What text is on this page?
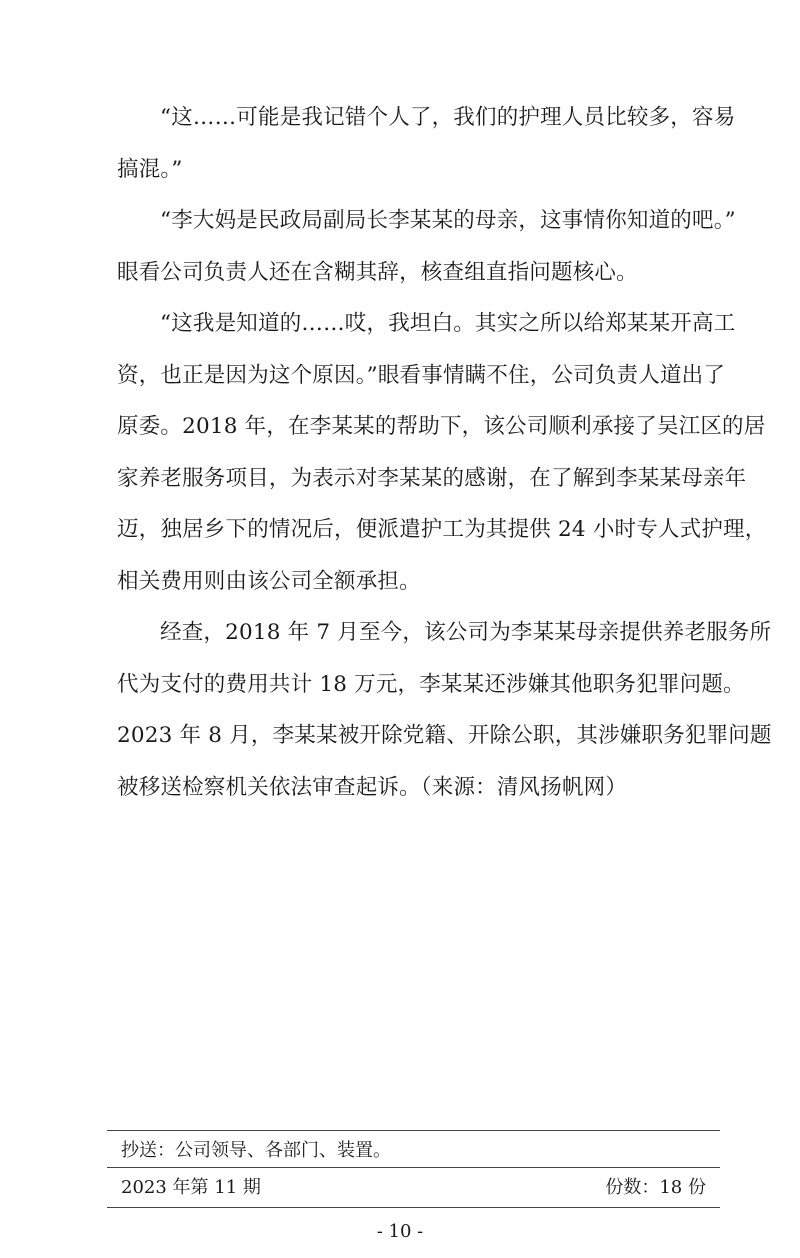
“这……可能是我记错个人了，我们的护理人员比较多，容易
搞混。”
“李大妈是民政局副局长李某某的母亲，这事情你知道的吧。”
眼看公司负责人还在含糊其辞，核查组直指问题核心。
“这我是知道的……哎，我坦白。其实之所以给郑某某开高工
资，也正是因为这个原因。”眼看事情瞒不住，公司负责人道出了
原委。2018 年，在李某某的帮助下，该公司顺利承接了吴江区的居
家养老服务项目，为表示对李某某的感谢，在了解到李某某母亲年
迈，独居乡下的情况后，便派遣护工为其提供 24 小时专人式护理，
相关费用则由该公司全额承担。
经查，2018 年 7 月至今，该公司为李某某母亲提供养老服务所
代为支付的费用共计 18 万元，李某某还涉嫌其他职务犯罪问题。
2023 年 8 月，李某某被开除党籍、开除公职，其涉嫌职务犯罪问题
被移送检察机关依法审查起诉。（来源：清风扬帆网）
抄送：公司领导、各部门、装置。
2023 年第 11 期	份数：18 份
- 10 -
